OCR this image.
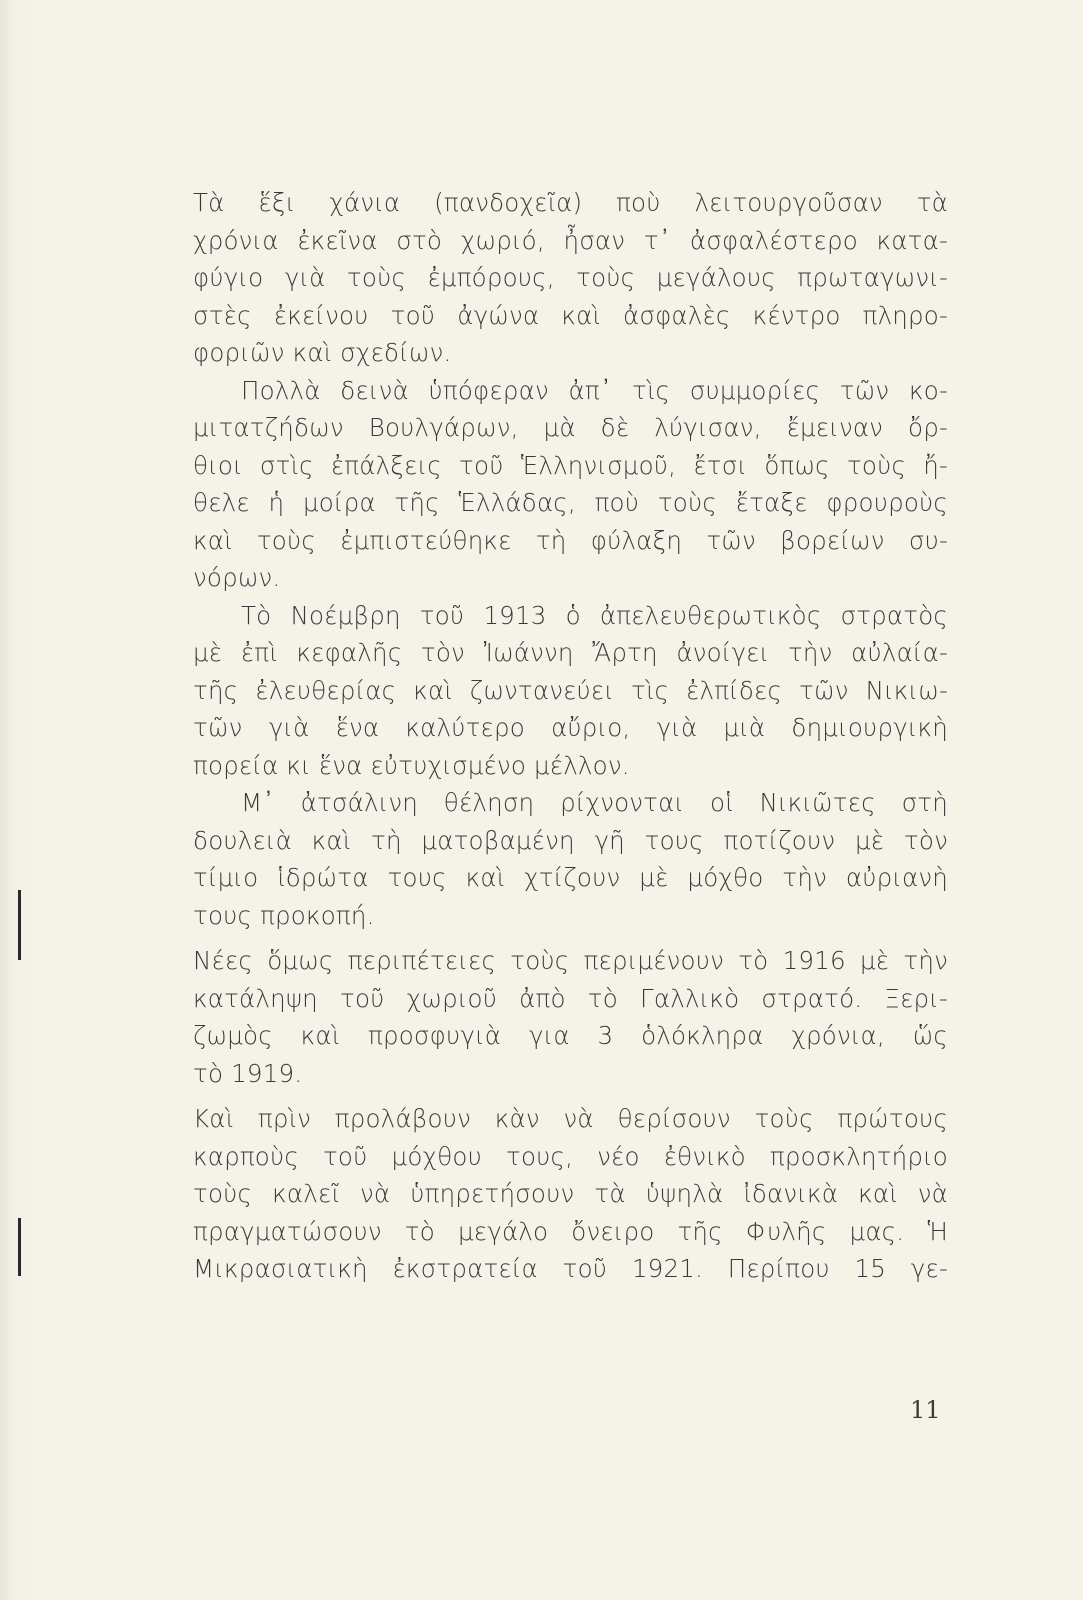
Τὰ ἕξι χάνια (πανδοχεῖα) ποὺ λειτουργοῦσαν τὰ
χρόνια ἐκεῖνα στὸ χωριό, ἦσαν τ᾽ ἀσφαλέστερο κατα-
φύγιο γιὰ τοὺς ἐμπόρους, τοὺς μεγάλους πρωταγωνι-
στὲς ἐκείνου τοῦ ἀγώνα καὶ ἀσφαλὲς κέντρο πληρο-
φοριῶν καὶ σχεδίων.
Πολλὰ δεινὰ ὑπόφεραν ἀπ᾽ τὶς συμμορίες τῶν κο-
μιτατζήδων Βουλγάρων, μὰ δὲ λύγισαν, ἔμειναν ὄρ-
θιοι στὶς ἐπάλξεις τοῦ Ἑλληνισμοῦ, ἔτσι ὅπως τοὺς ἤ-
θελε ἡ μοίρα τῆς Ἑλλάδας, ποὺ τοὺς ἔταξε φρουροὺς
καὶ τοὺς ἐμπιστεύθηκε τὴ φύλαξη τῶν βορείων συ-
νόρων.
Τὸ Νοέμβρη τοῦ 1913 ὁ ἀπελευθερωτικὸς στρατὸς
μὲ ἐπὶ κεφαλῆς τὸν Ἰωάννη Ἄρτη ἀνοίγει τὴν αὐλαία-
τῆς ἐλευθερίας καὶ ζωντανεύει τὶς ἐλπίδες τῶν Νικιω-
τῶν γιὰ ἕνα καλύτερο αὔριο, γιὰ μιὰ δημιουργικὴ
πορεία κι ἕνα εὐτυχισμένο μέλλον.
Μ᾽ ἀτσάλινη θέληση ρίχνονται οἱ Νικιῶτες στὴ
δουλειὰ καὶ τὴ ματοβαμένη γῆ τους ποτίζουν μὲ τὸν
τίμιο ἱδρώτα τους καὶ χτίζουν μὲ μόχθο τὴν αὐριανὴ
τους προκοπή.
Νέες ὅμως περιπέτειες τοὺς περιμένουν τὸ 1916 μὲ τὴν
κατάληψη τοῦ χωριοῦ ἀπὸ τὸ Γαλλικὸ στρατό. Ξερι-
ζωμὸς καὶ προσφυγιὰ για 3 ὁλόκληρα χρόνια, ὥς
τὸ 1919.
Καὶ πρὶν προλάβουν κὰν νὰ θερίσουν τοὺς πρώτους
καρποὺς τοῦ μόχθου τους, νέο ἐθνικὸ προσκλητήριο
τοὺς καλεῖ νὰ ὑπηρετήσουν τὰ ὑψηλὰ ἰδανικὰ καὶ νὰ
πραγματώσουν τὸ μεγάλο ὄνειρο τῆς Φυλῆς μας. Ἡ
Μικρασιατικὴ ἐκστρατεία τοῦ 1921. Περίπου 15 γε-
11
